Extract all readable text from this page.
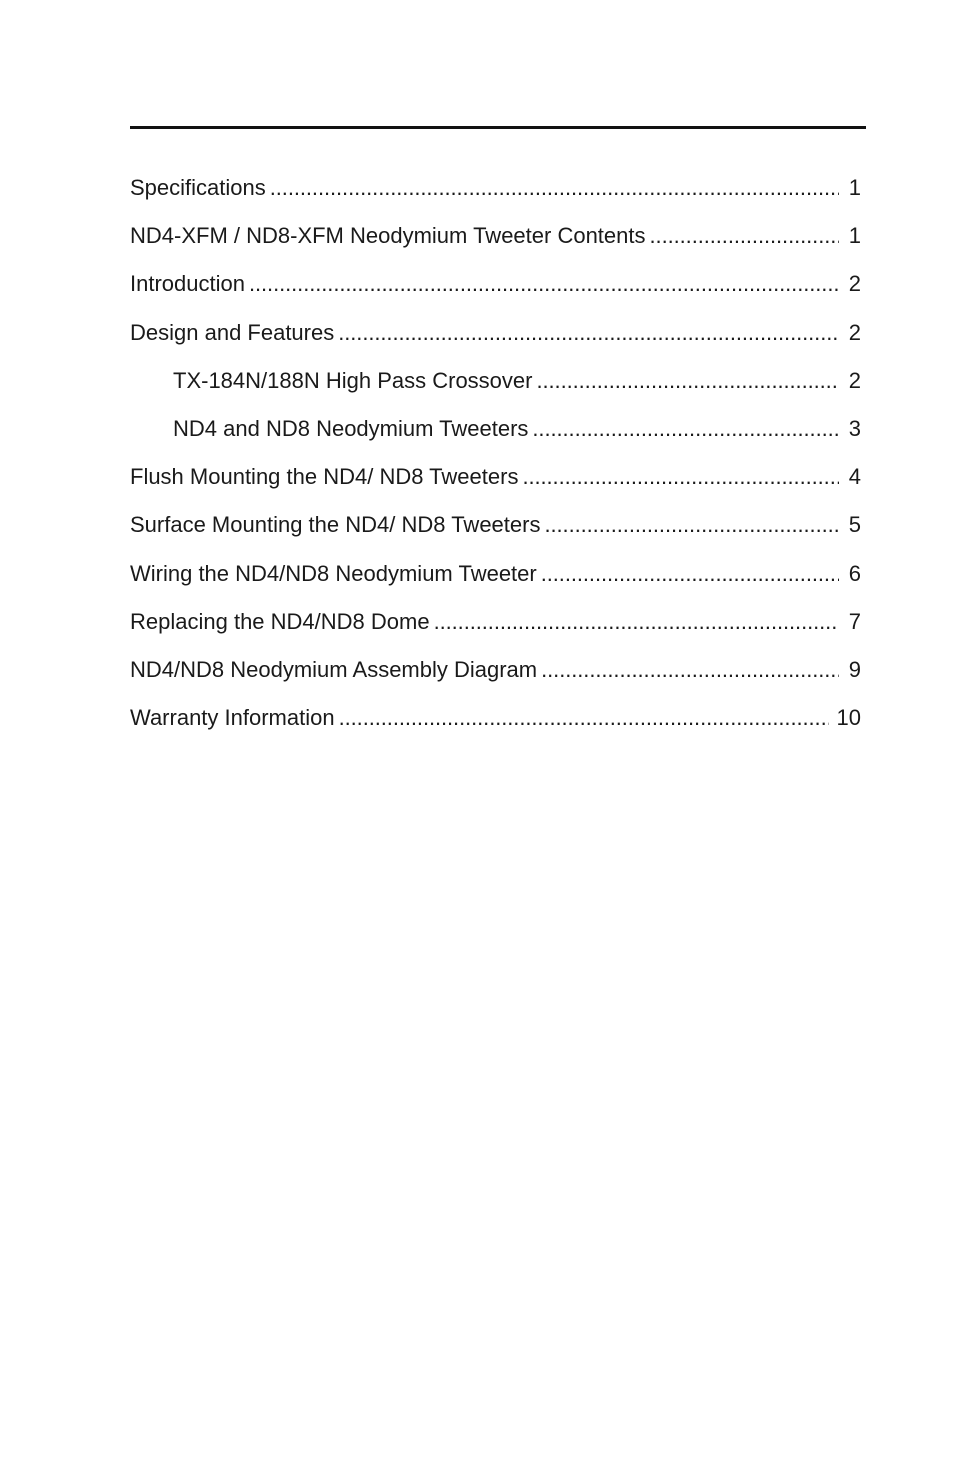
Specifications . . .	1
ND4-XFM / ND8-XFM Neodymium Tweeter Contents . . .	1
Introduction . . .	2
Design and Features . . .	2
TX-184N/188N High Pass Crossover . . .	2
ND4 and ND8 Neodymium Tweeters . . .	3
Flush Mounting the ND4/ ND8 Tweeters . . .	4
Surface Mounting the ND4/ ND8 Tweeters . . .	5
Wiring the ND4/ND8 Neodymium Tweeter . . .	6
Replacing the ND4/ND8 Dome . . .	7
ND4/ND8 Neodymium Assembly Diagram . . .	9
Warranty Information . . .	10
